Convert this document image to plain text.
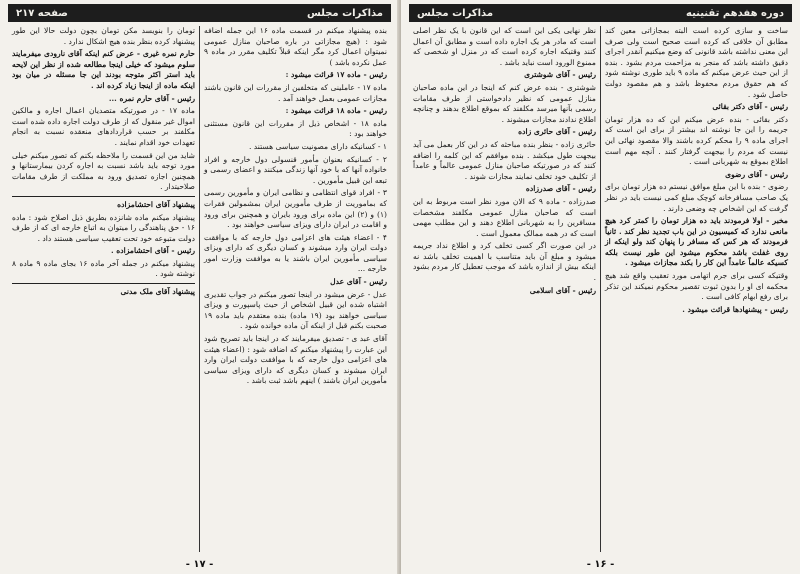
مذاکرات مجلس
صفحه ۲۱۷

بنده پیشنهاد میکنم در قسمت ماده ۱۶ این جمله اضافه شود : (هیچ مجازاتی در باره صاحبان منازل عمومی نمیتوان اعمال کرد مگر اینکه قبلاً تکلیف مقرر در ماده ۹ عمل نکرده باشد )

رئیس - ماده ۱۷ قرائت میشود :

ماده ۱۷ - عاملینی که متخلفین از مقررات این قانون باشند مجازات عمومی بعمل خواهند آمد .

رئیس - ماده ۱۸ قرائت میشود :

ماده ۱۸ - اشخاص ذیل از مقررات این قانون مستثنی خواهند بود :

۱ - کسانیکه دارای مصونیت سیاسی هستند .

۲ - کسانیکه بعنوان مأمور قنسولی دول خارجه و افراد خانواده آنها که با خود آنها زندگی میکنند و اعضای رسمی و تبعه این قبیل مأمورین .

۳ - افراد قوای انتظامی و نظامی ایران و مأمورین رسمی که بماموریت از طرف مأمورین ایران بمشمولین فقرات (۱) و (۲) این ماده برای ورود بایران و همچنین برای ورود و اقامت در ایران دارای ویزای سیاسی خواهند بود .

۴ - اعضاء هیئت های اعزامی دول خارجه که با موافقت دولت ایران وارد میشوند و کسان دیگری که دارای ویزای سیاسی مأمورین ایران باشند یا به موافقت وزارت امور خارجه ...

رئیس - آقای عدل

عدل - عرض میشود در اینجا تصور میکنم در جواب تقدیری اشتباه شده این قبیل اشخاص از حیث پاسپورت و ویزای سیاسی خواهند بود (۱۹ ماده) بنده معتقدم باید ماده ۱۹ صحبت بکنم قبل از اینکه آن ماده خوانده شود .

آقای عبد ی - تصدیق میفرمایند که در اینجا باید تصریح شود این عبارت را پیشنهاد میکنم که اضافه شود : (اعضاء هیئت های اعزامی دول خارجه که با موافقت دولت ایران وارد ایران میشوند و کسان دیگری که دارای ویزای سیاسی مأمورین ایران باشند ) اینهم باشد ثبت باشد .

تومان را بنویسد مکن تومان بچون دولت حالا این طور پیشنهاد کرده بنظر بنده هیچ اشکال ندارد .

حارم نمره غیری - عرض کنم اینکه آقای نارودی میفرمایند سلوم میشود که خیلی اینجا مطالعه شده از نظر این لایحه باید استر اکثر متوجه بودند این جا مسئله در میان بود اینکه ماده از اینجا زیاد کرده اند .

رئیس - آقای حارم نمره ...

ماده ۱۷ - در صورتیکه متصدیان اعمال اجاره و مالکین اموال غیر منقول که از طرف دولت اجاره داده شده است مکلفند بر حسب قراردادهای منعقده نسبت به انجام تعهدات خود اقدام نمایند .

شاید من این قسمت را ملاحظه بکنم که تصور میکنم خیلی مورد توجه باید باشد نسبت به اجاره کردن بیمارستانها و همچنین اجازه تصدیق ورود به مملکت از طرف مقامات صلاحیتدار .

پیشنهاد آقای احتشامزاده

پیشنهاد میکنم ماده شانزده بطریق ذیل اصلاح شود : ماده ۱۶ - حق پناهندگی را میتوان به اتباع خارجه ای که از طرف دولت متبوعه خود تحت تعقیب سیاسی هستند داد .

رئیس - آقای احتشامزاده .

پیشنهاد میکنم در جمله آخر ماده ۱۶ بجای ماده ۹ ماده ۸ نوشته شود .

پیشنهاد آقای ملک مدنی

- ۱۷ -
دوره هفدهم تقنینیه
مذاکرات مجلس

ساخت و سازی کرده است البته بمجازاتی معین کند مطابق آن خلافی که کرده است صحیح است ولی صرف این معنی نداشته باشد قانونی که وضع میکنیم آنقدر اجرای دقیق داشته باشد که منجر به مزاحمت مردم بشود . بنده از این حیث عرض میکنم که ماده ۹ باید طوری نوشته شود که هم حقوق مردم محفوظ باشد و هم مقصود دولت حاصل شود .

رئیس - آقای دکتر بقائی

دکتر بقائی - بنده عرض میکنم این که ده هزار تومان جریمه را این جا نوشته اند بیشتر از برای این است که اجرای ماده ۹ را محکم کرده باشند والا مقصود نهائی این نیست که مردم را بیجهت گرفتار کنند . آنچه مهم است اطلاع بموقع به شهربانی است .

رئیس - آقای رضوی

رضوی - بنده با این مبلغ موافق نیستم ده هزار تومان برای یک صاحب مسافرخانه کوچک مبلغ کمی نیست باید در نظر گرفت که این اشخاص چه وضعی دارند .

مخبر - اولا فرمودند باید ده هزار تومان را کمتر کرد هیچ مانعی ندارد که کمیسیون در این باب تجدید نظر کند . ثانیاً فرمودند که هر کس که مسافر را پنهان کند ولو اینکه از روی غفلت باشد محکوم میشود این طور نیست بلکه کسیکه عالماً عامداً این کار را بکند مجازات میشود .

وقتیکه کسی برای جرم اتهامی مورد تعقیب واقع شد هیچ محکمه ای او را بدون ثبوت تقصیر محکوم نمیکند این تذکر برای رفع ابهام کافی است .

رئیس - پیشنهادها قرائت میشود .

نظر نهایی یکی این است که این قانون با یک نظر اصلی است که مادر هر یک اجاره داده است و مطابق آن اعمال کنند وقتیکه اجاره کرده است که در منزل او شخصی که ممنوع الورود است نباید باشد .

رئیس - آقای شوشتری

شوشتری - بنده عرض کنم که اینجا در این ماده صاحبان منازل عمومی که نظیر دادخواستی از طرف مقامات رسمی بآنها میرسد مکلفند که بموقع اطلاع بدهند و چنانچه اطلاع ندادند مجازات میشوند .

رئیس - آقای حائری زاده

حائری زاده - بنظر بنده مباحثه که در این کار بعمل می آید بیجهت طول میکشد . بنده موافقم که این کلمه را اضافه کنند که در صورتیکه صاحبان منازل عمومی عالماً و عامداً از تکلیف خود تخلف نمایند مجازات شوند .

رئیس - آقای صدرزاده

صدرزاده - ماده ۹ که الان مورد نظر است مربوط به این است که صاحبان منازل عمومی مکلفند مشخصات مسافرین را به شهربانی اطلاع دهند و این مطلب مهمی است که در همه ممالک معمول است .

در این صورت اگر کسی تخلف کرد و اطلاع نداد جریمه میشود و مبلغ آن باید متناسب با اهمیت تخلف باشد نه اینکه بیش از اندازه باشد که موجب تعطیل کار مردم بشود .

رئیس - آقای اسلامی

- ۱۶ -
